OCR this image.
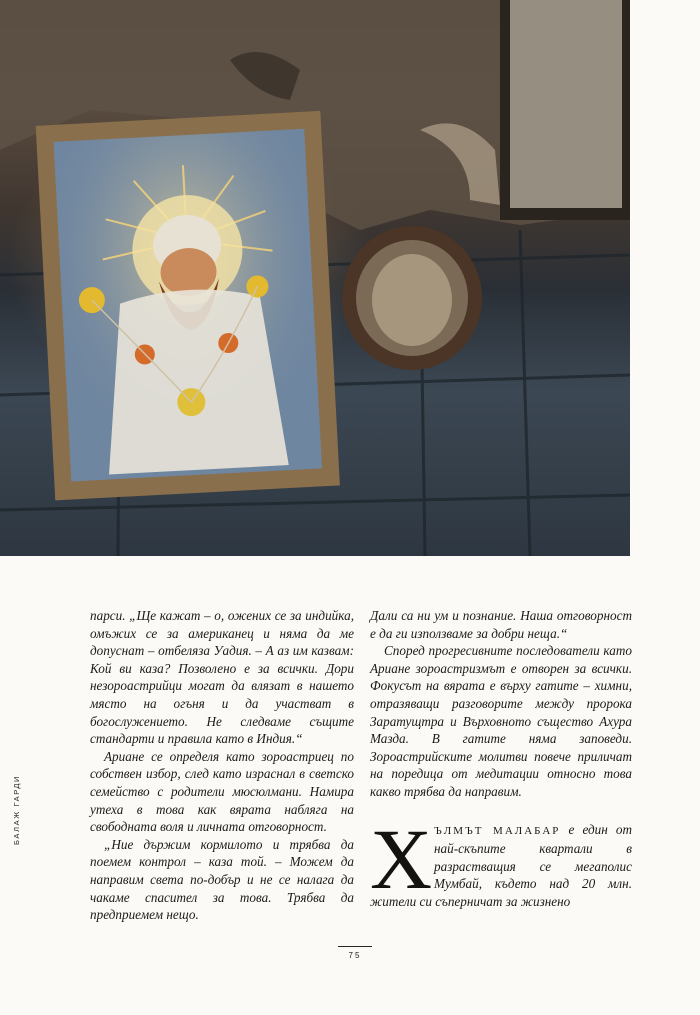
парси. „Ще кажат – о, ожених се за индийка, омъжих се за американец и няма да ме допуснат – отбеляза Уадия. – А аз им казвам: Кой ви каза? Позволено е за всички. Дори незороастрийци могат да влязат в нашето място на огъня и да участват в богослужението. Не следваме същите стандарти и правила като в Индия.“

Ариане се определя като зороастриец по собствен избор, след като израснал в светско семейство с родители мюсюлмани. Намира утеха в това как вярата набляга на свободната воля и личната отговорност.

„Ние държим кормилото и трябва да поемем контрол – каза той. – Можем да направим света по-добър и не се налага да чакаме спасител за това. Трябва да предприемем нещо.

Дали са ни ум и познание. Наша отговорност е да ги използваме за добри неща.“

Според прогресивните последователи като Ариане зороастризмът е отворен за всички. Фокусът на вярата е върху гатите – химни, отразяващи разговорите между пророка Заратущтра и Върховното същество Ахура Мазда. В гатите няма заповеди. Зороастрийските молитви повече приличат на поредица от медитации относно това какво трябва да направим.

Х ЪЛМЪТ МАЛАБАР е един от най-скъпите квартали в разрастващия се мегаполис Мумбай, където над 20 млн. жители си съперничат за жизнено

БАЛАЖ ГАРДИ
75
